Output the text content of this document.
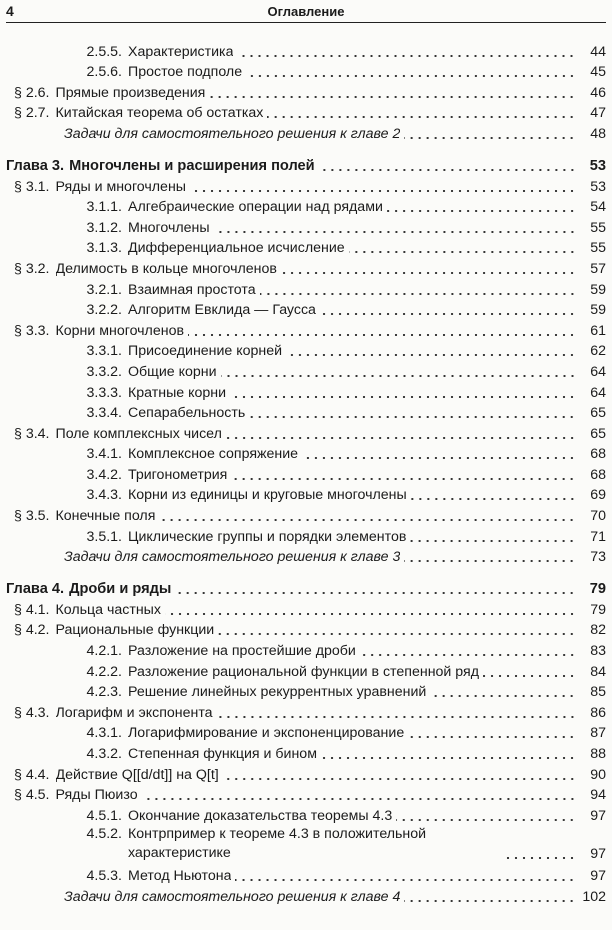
4	Оглавление
2.5.5. Характеристика	44
2.5.6. Простое подполе	45
§ 2.6. Прямые произведения	46
§ 2.7. Китайская теорема об остатках	47
Задачи для самостоятельного решения к главе 2	48
Глава 3. Многочлены и расширения полей	53
§ 3.1. Ряды и многочлены	53
3.1.1. Алгебраические операции над рядами	54
3.1.2. Многочлены	55
3.1.3. Дифференциальное исчисление	55
§ 3.2. Делимость в кольце многочленов	57
3.2.1. Взаимная простота	59
3.2.2. Алгоритм Евклида — Гаусса	59
§ 3.3. Корни многочленов	61
3.3.1. Присоединение корней	62
3.3.2. Общие корни	64
3.3.3. Кратные корни	64
3.3.4. Сепарабельность	65
§ 3.4. Поле комплексных чисел	65
3.4.1. Комплексное сопряжение	68
3.4.2. Тригонометрия	68
3.4.3. Корни из единицы и круговые многочлены	69
§ 3.5. Конечные поля	70
3.5.1. Циклические группы и порядки элементов	71
Задачи для самостоятельного решения к главе 3	73
Глава 4. Дроби и ряды	79
§ 4.1. Кольца частных	79
§ 4.2. Рациональные функции	82
4.2.1. Разложение на простейшие дроби	83
4.2.2. Разложение рациональной функции в степенной ряд	84
4.2.3. Решение линейных рекуррентных уравнений	85
§ 4.3. Логарифм и экспонента	86
4.3.1. Логарифмирование и экспоненцирование	87
4.3.2. Степенная функция и бином	88
§ 4.4. Действие Q[[d/dt]] на Q[t]	90
§ 4.5. Ряды Пюизо	94
4.5.1. Окончание доказательства теоремы 4.3	97
4.5.2. Контрпример к теореме 4.3 в положительной характеристике	97
4.5.3. Метод Ньютона	97
Задачи для самостоятельного решения к главе 4	102
